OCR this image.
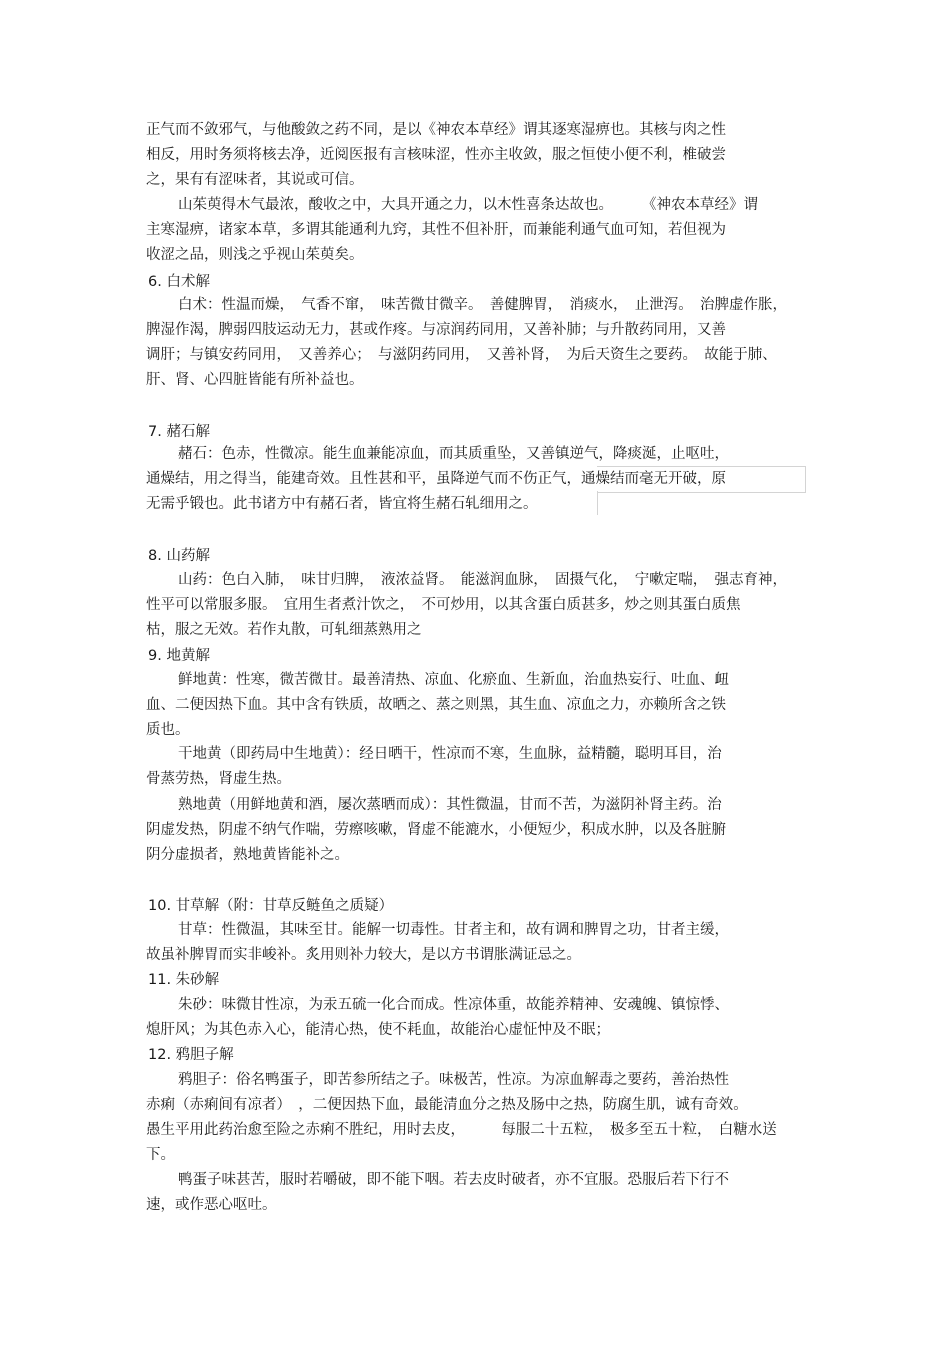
正气而不敛邪气，与他酸敛之药不同，是以《神农本草经》谓其逐寒湿痹也。其核与肉之性
相反，用时务须将核去净，近阅医报有言核味涩，性亦主收敛，服之恒使小便不利，椎破尝
之，果有有涩味者，其说或可信。
山茱萸得木气最浓，酸收之中，大具开通之力，以木性喜条达故也。　　　《神农本草经》谓
主寒湿痹，诸家本草，多谓其能通利九窍，其性不但补肝，而兼能利通气血可知，若但视为
收涩之品，则浅之乎视山茱萸矣。
6. 白术解
白术：性温而燥，　气香不窜，　味苦微甘微辛。　善健脾胃，　消痰水，　止泄泻。　治脾虚作胀，
脾湿作渴，脾弱四肢运动无力，甚或作疼。与凉润药同用，又善补肺；与升散药同用，又善
调肝；与镇安药同用，　又善养心；　与滋阴药同用，　又善补肾，　为后天资生之要药。　故能于肺、
肝、肾、心四脏皆能有所补益也。
7. 赭石解
赭石：色赤，性微凉。能生血兼能凉血，而其质重坠，又善镇逆气，降痰涎，止呕吐，
通燥结，用之得当，能建奇效。且性甚和平，虽降逆气而不伤正气，通燥结而毫无开破，原
无需乎锻也。此书诸方中有赭石者，皆宜将生赭石轧细用之。
8. 山药解
山药：色白入肺，　味甘归脾，　液浓益肾。　能滋润血脉，　固摄气化，　宁嗽定喘，　强志育神，
性平可以常服多服。　宜用生者煮汁饮之，　不可炒用，以其含蛋白质甚多，炒之则其蛋白质焦
枯，服之无效。若作丸散，可轧细蒸熟用之
9. 地黄解
鲜地黄：性寒，微苦微甘。最善清热、凉血、化瘀血、生新血，治血热妄行、吐血、衄
血、二便因热下血。其中含有铁质，故晒之、蒸之则黑，其生血、凉血之力，亦赖所含之铁
质也。
干地黄（即药局中生地黄）：经日晒干，性凉而不寒，生血脉，益精髓，聪明耳目，治
骨蒸劳热，肾虚生热。
熟地黄（用鲜地黄和酒，屡次蒸晒而成）：其性微温，甘而不苦，为滋阴补肾主药。治
阴虚发热，阴虚不纳气作喘，劳瘵咳嗽，肾虚不能漉水，小便短少，积成水肿，以及各脏腑
阴分虚损者，熟地黄皆能补之。
10. 甘草解（附：甘草反鲢鱼之质疑）
甘草：性微温，其味至甘。能解一切毒性。甘者主和，故有调和脾胃之功，甘者主缓，
故虽补脾胃而实非峻补。炙用则补力较大，是以方书谓胀满证忌之。
11. 朱砂解
朱砂：味微甘性凉，为汞五硫一化合而成。性凉体重，故能养精神、安魂魄、镇惊悸、
熄肝风；为其色赤入心，能清心热，使不耗血，故能治心虚怔忡及不眠；
12. 鸦胆子解
鸦胆子：俗名鸭蛋子，即苦参所结之子。味极苦，性凉。为凉血解毒之要药，善治热性
赤痢（赤痢间有凉者）　，二便因热下血，最能清血分之热及肠中之热，防腐生肌，诚有奇效。
愚生平用此药治愈至险之赤痢不胜纪，用时去皮，　　　每服二十五粒，　极多至五十粒，　白糖水送
下。
鸭蛋子味甚苦，服时若嚼破，即不能下咽。若去皮时破者，亦不宜服。恐服后若下行不
速，或作恶心呕吐。
